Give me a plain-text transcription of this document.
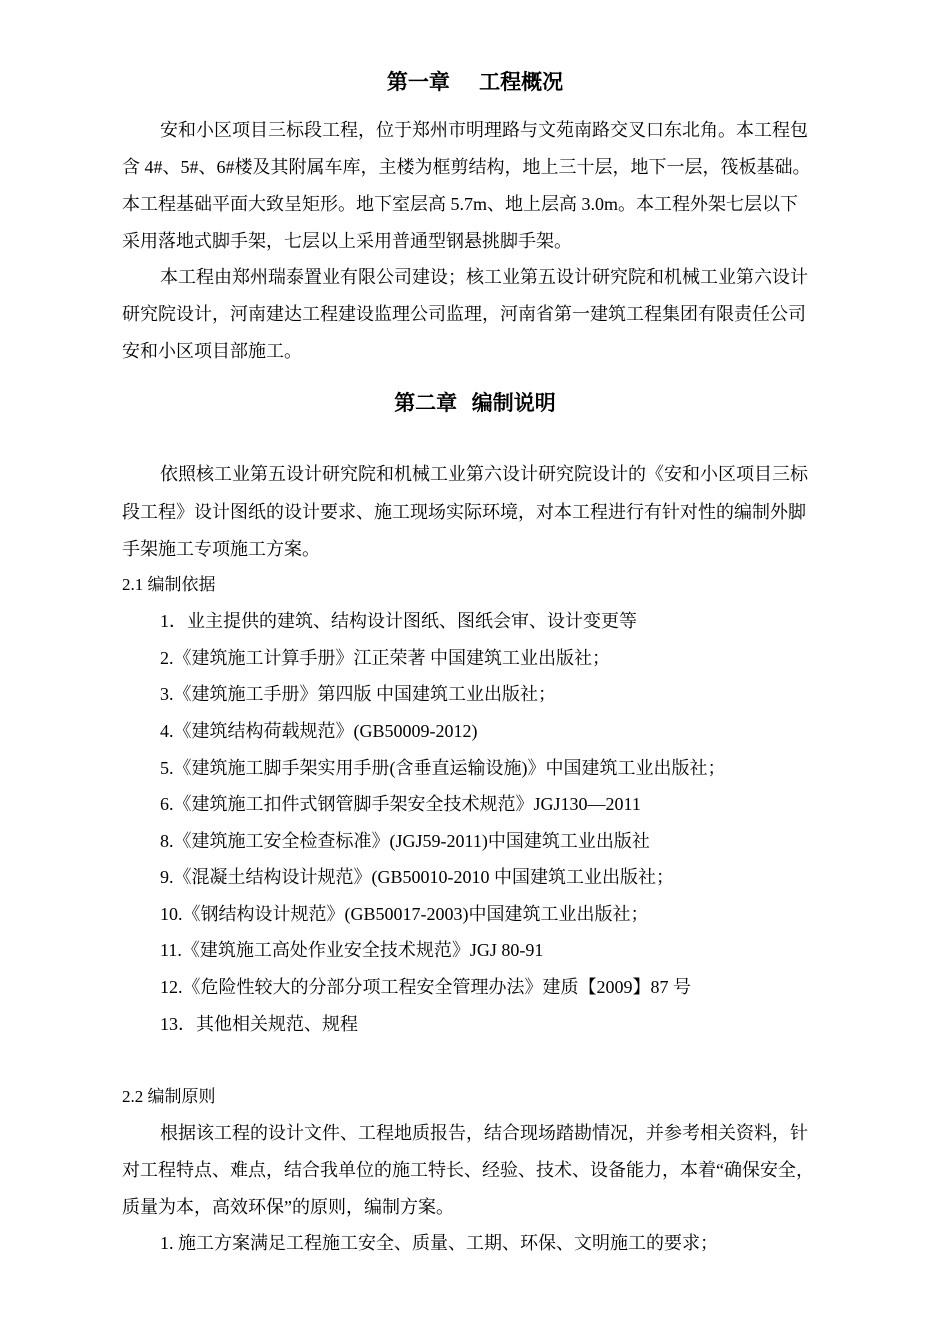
第一章    工程概况
安和小区项目三标段工程，位于郑州市明理路与文苑南路交叉口东北角。本工程包
含 4#、5#、6#楼及其附属车库，主楼为框剪结构，地上三十层，地下一层，筏板基础。
本工程基础平面大致呈矩形。地下室层高 5.7m、地上层高 3.0m。本工程外架七层以下
采用落地式脚手架，七层以上采用普通型钢悬挑脚手架。
本工程由郑州瑞泰置业有限公司建设；核工业第五设计研究院和机械工业第六设计
研究院设计，河南建达工程建设监理公司监理，河南省第一建筑工程集团有限责任公司
安和小区项目部施工。
第二章  编制说明
依照核工业第五设计研究院和机械工业第六设计研究院设计的《安和小区项目三标
段工程》设计图纸的设计要求、施工现场实际环境，对本工程进行有针对性的编制外脚
手架施工专项施工方案。
2.1 编制依据
1．业主提供的建筑、结构设计图纸、图纸会审、设计变更等
2.《建筑施工计算手册》江正荣著 中国建筑工业出版社；
3.《建筑施工手册》第四版 中国建筑工业出版社；
4.《建筑结构荷载规范》(GB50009-2012)
5.《建筑施工脚手架实用手册(含垂直运输设施)》中国建筑工业出版社；
6.《建筑施工扣件式钢管脚手架安全技术规范》JGJ130—2011
8.《建筑施工安全检查标准》(JGJ59-2011)中国建筑工业出版社
9.《混凝土结构设计规范》(GB50010-2010 中国建筑工业出版社；
10.《钢结构设计规范》(GB50017-2003)中国建筑工业出版社；
11.《建筑施工高处作业安全技术规范》JGJ 80-91
12.《危险性较大的分部分项工程安全管理办法》建质【2009】87 号
13．其他相关规范、规程
2.2 编制原则
根据该工程的设计文件、工程地质报告，结合现场踏勘情况，并参考相关资料，针
对工程特点、难点，结合我单位的施工特长、经验、技术、设备能力，本着“确保安全，
质量为本，高效环保”的原则，编制方案。
1. 施工方案满足工程施工安全、质量、工期、环保、文明施工的要求；
